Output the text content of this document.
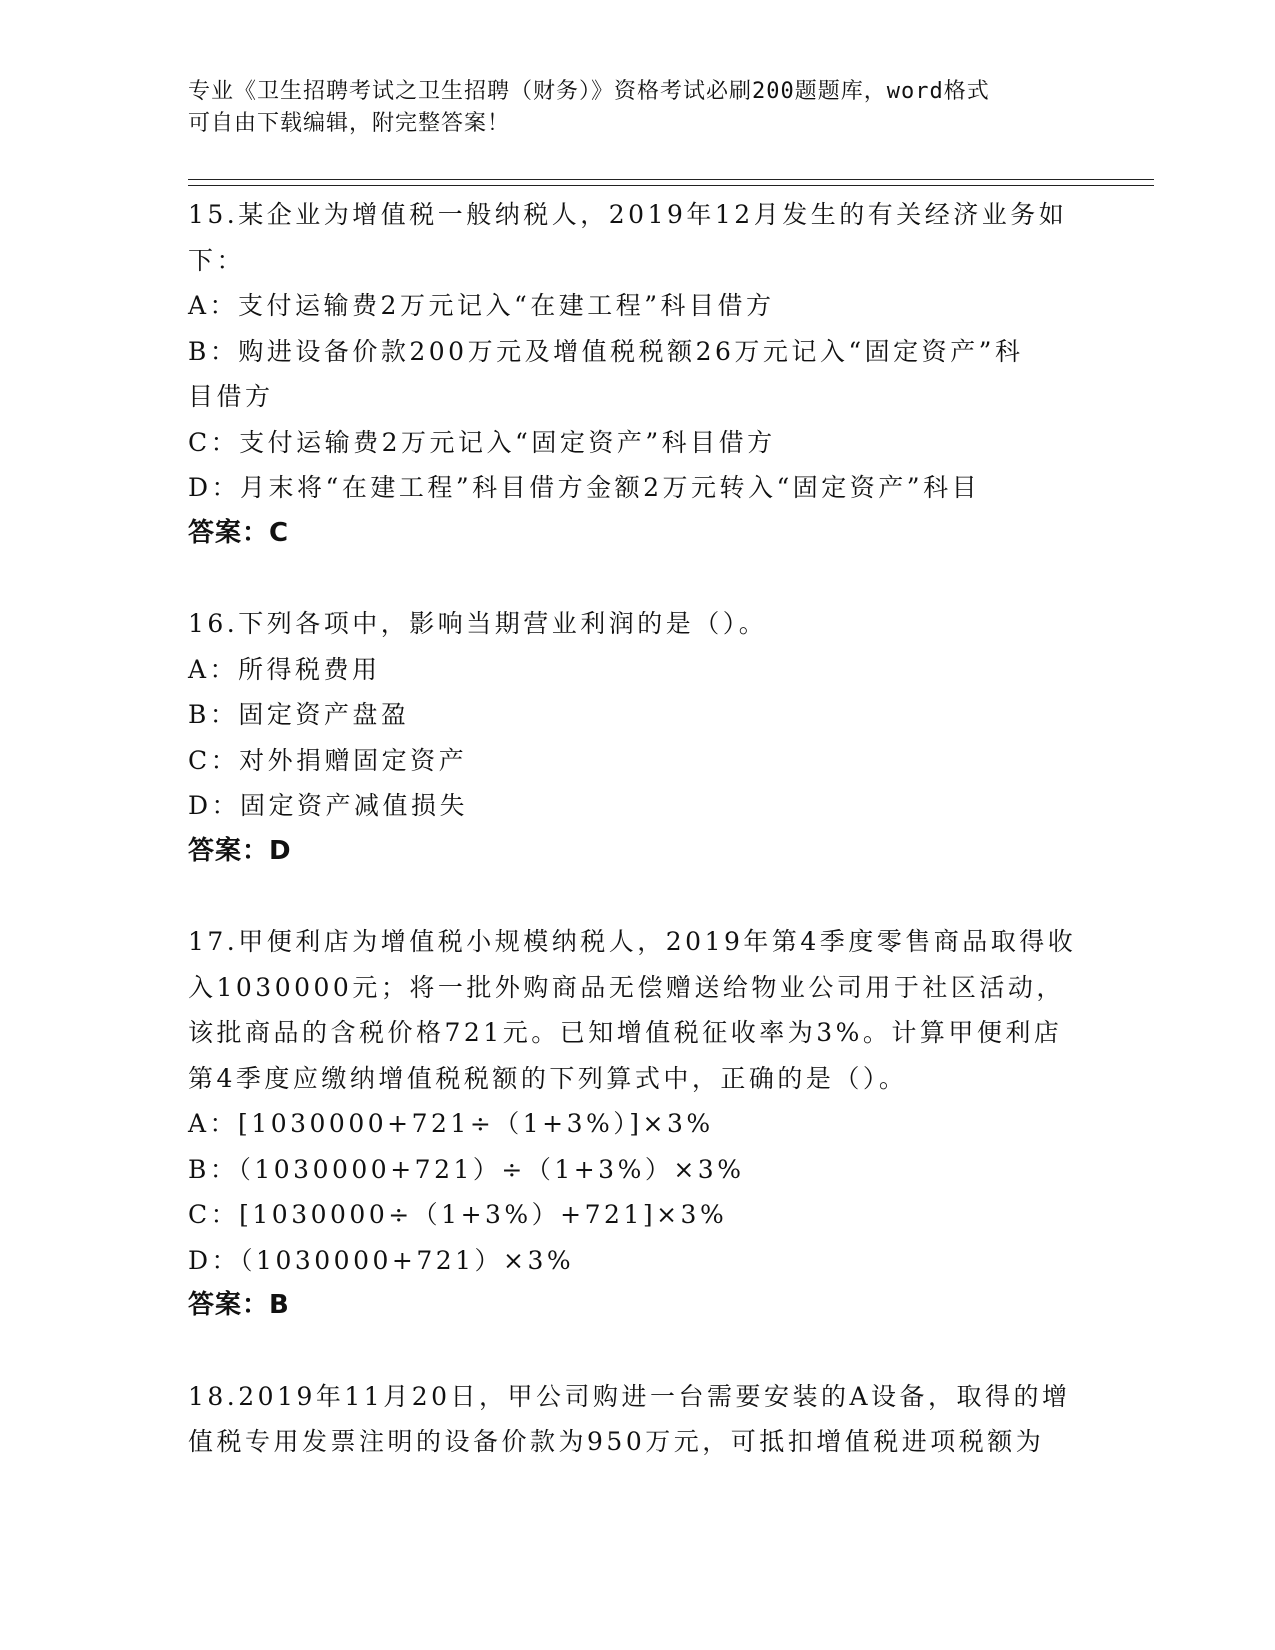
专业《卫生招聘考试之卫生招聘（财务）》资格考试必刷200题题库，word格式
可自由下载编辑，附完整答案！
15.某企业为增值税一般纳税人，2019年12月发生的有关经济业务如
下：
A：支付运输费2万元记入“在建工程”科目借方
B：购进设备价款200万元及增值税税额26万元记入“固定资产”科
目借方
C：支付运输费2万元记入“固定资产”科目借方
D：月末将“在建工程”科目借方金额2万元转入“固定资产”科目
答案：C
16.下列各项中，影响当期营业利润的是（）。
A：所得税费用
B：固定资产盘盈
C：对外捐赠固定资产
D：固定资产减值损失
答案：D
17.甲便利店为增值税小规模纳税人，2019年第4季度零售商品取得收
入1030000元；将一批外购商品无偿赠送给物业公司用于社区活动，
该批商品的含税价格721元。已知增值税征收率为3%。计算甲便利店
第4季度应缴纳增值税税额的下列算式中，正确的是（）。
A：[1030000+721÷（1+3%）]×3%
B：（1030000+721）÷（1+3%）×3%
C：[1030000÷（1+3%）+721]×3%
D：（1030000+721）×3%
答案：B
18.2019年11月20日，甲公司购进一台需要安装的A设备，取得的增
值税专用发票注明的设备价款为950万元，可抵扣增值税进项税额为
